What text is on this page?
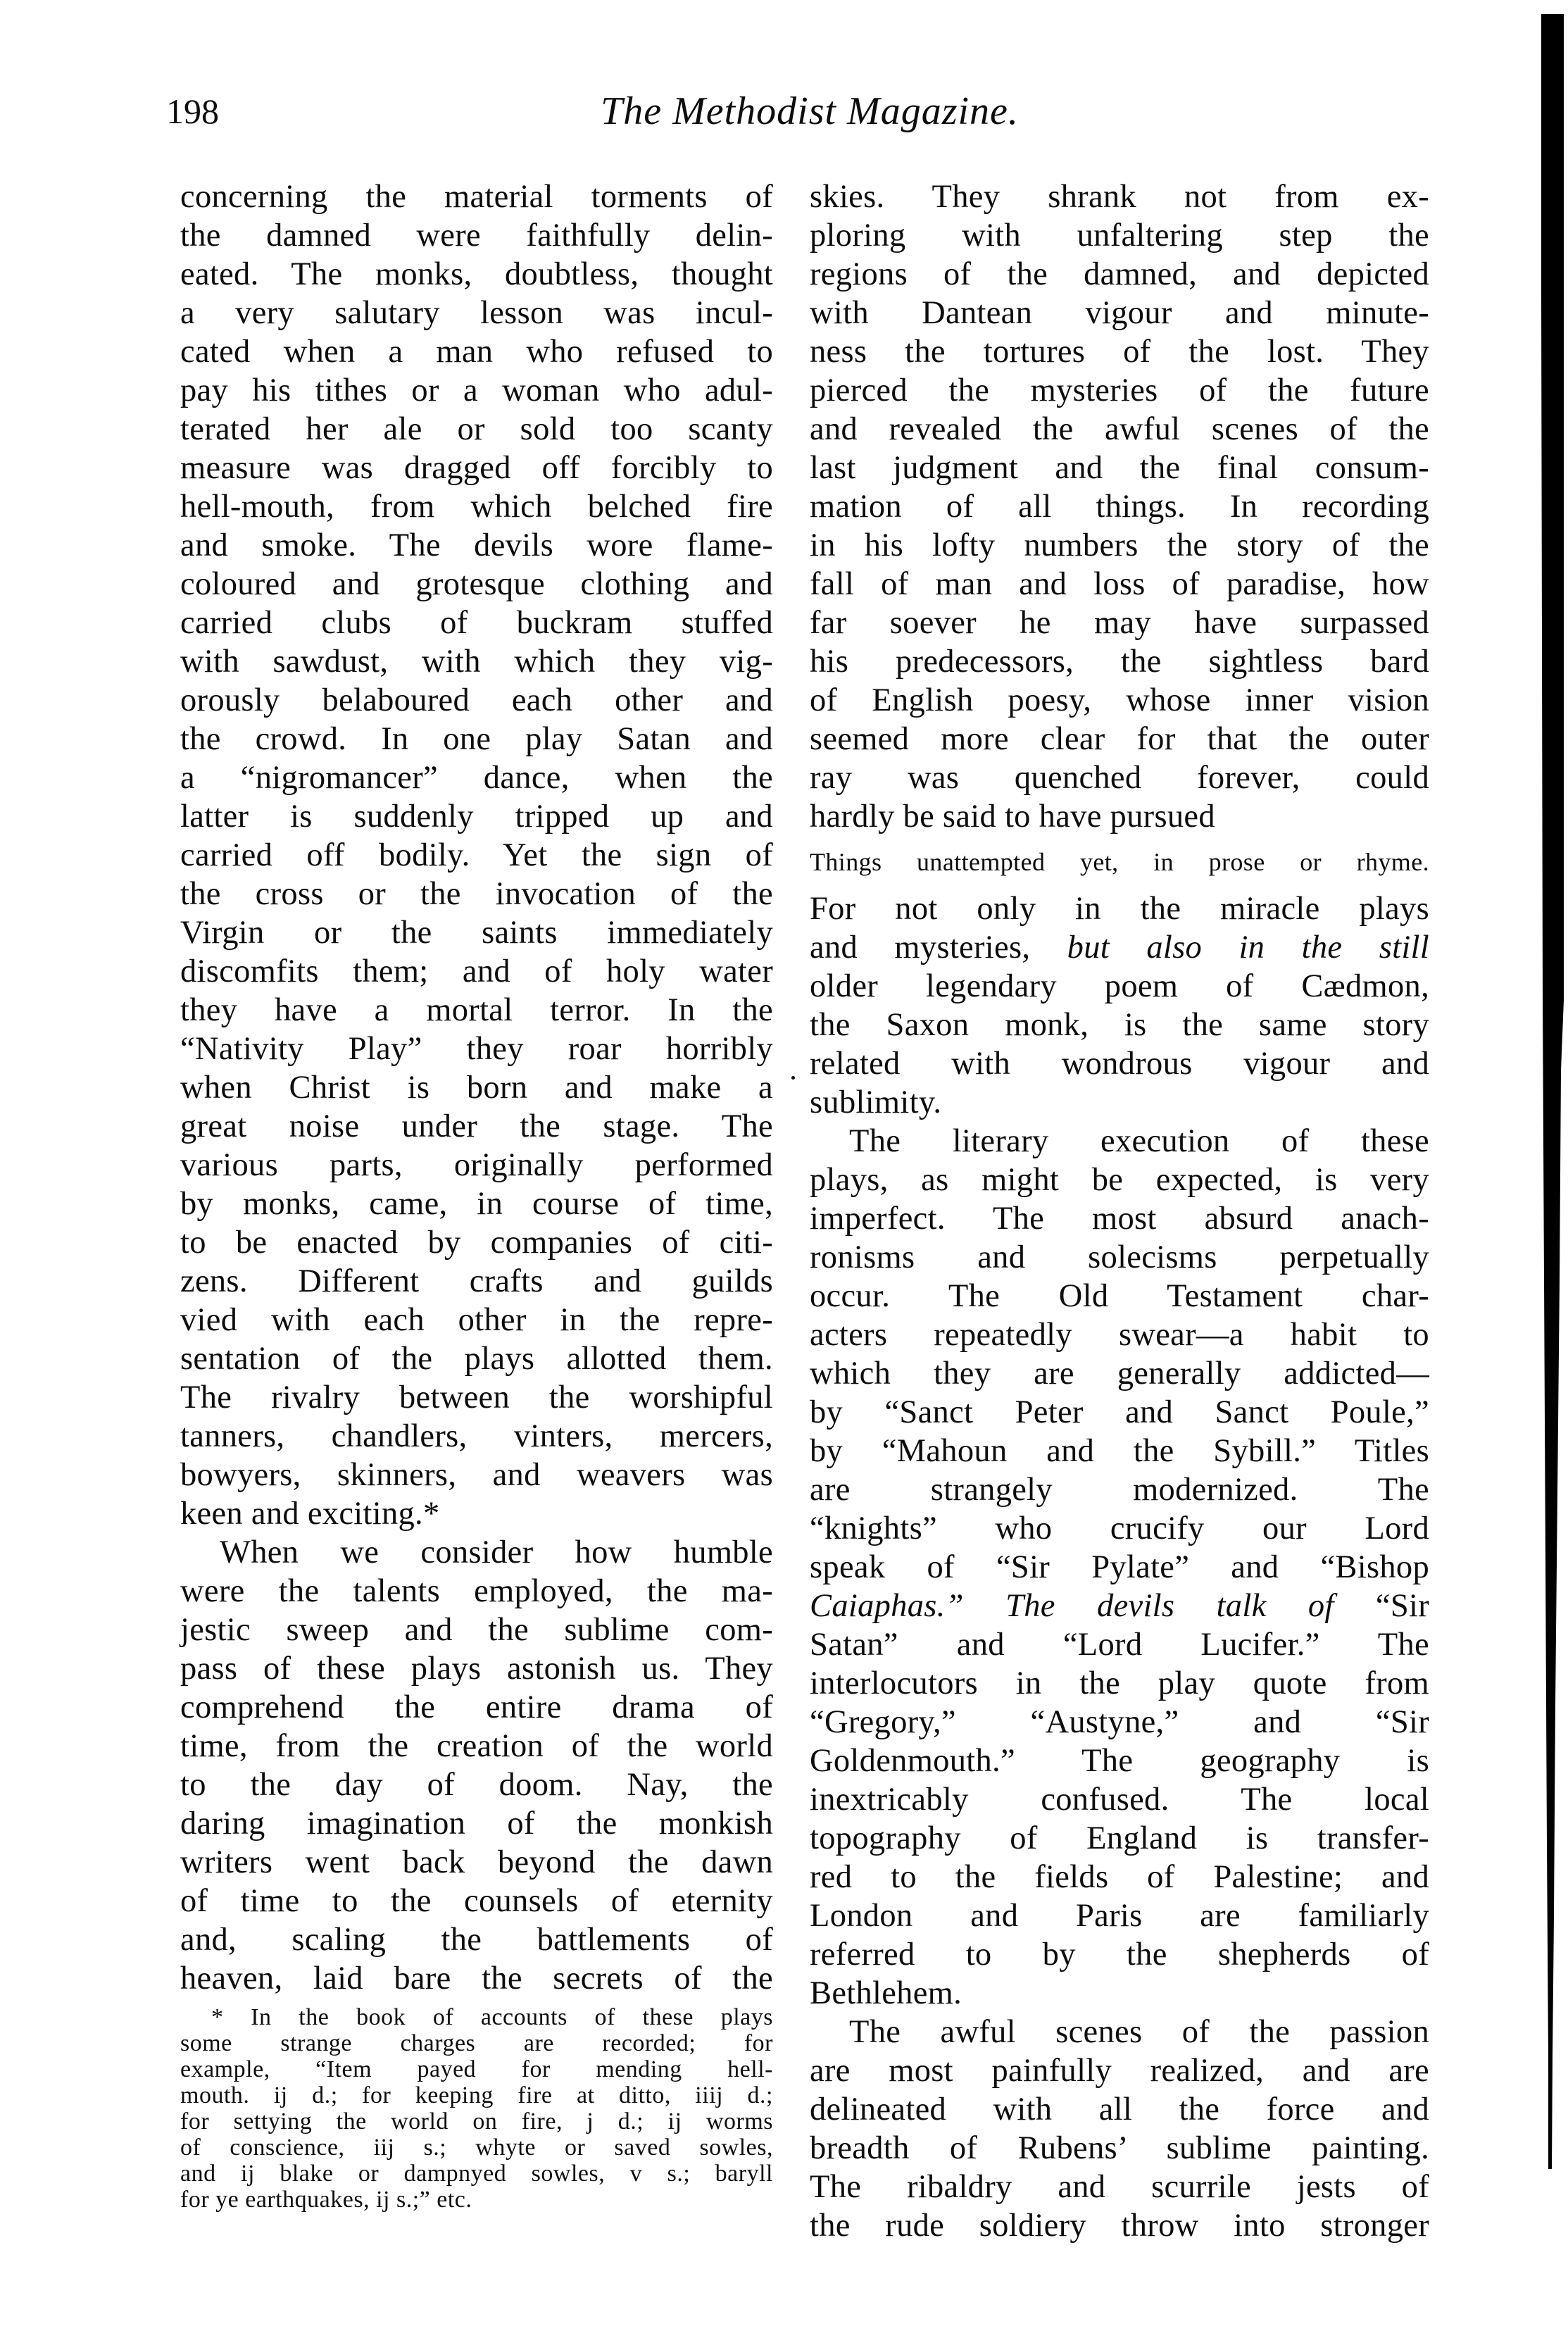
198	The Methodist Magazine.
concerning the material torments of
the damned were faithfully delin-
eated. The monks, doubtless, thought
a very salutary lesson was incul-
cated when a man who refused to
pay his tithes or a woman who adul-
terated her ale or sold too scanty
measure was dragged off forcibly to
hell-mouth, from which belched fire
and smoke. The devils wore flame-
coloured and grotesque clothing and
carried clubs of buckram stuffed
with sawdust, with which they vig-
orously belaboured each other and
the crowd. In one play Satan and
a “nigromancer” dance, when the
latter is suddenly tripped up and
carried off bodily. Yet the sign of
the cross or the invocation of the
Virgin or the saints immediately
discomfits them; and of holy water
they have a mortal terror. In the
“Nativity Play” they roar horribly
when Christ is born and make a
great noise under the stage. The
various parts, originally performed
by monks, came, in course of time,
to be enacted by companies of citi-
zens. Different crafts and guilds
vied with each other in the repre-
sentation of the plays allotted them.
The rivalry between the worshipful
tanners, chandlers, vinters, mercers,
bowyers, skinners, and weavers was
keen and exciting.*
When we consider how humble
were the talents employed, the ma-
jestic sweep and the sublime com-
pass of these plays astonish us. They
comprehend the entire drama of
time, from the creation of the world
to the day of doom. Nay, the
daring imagination of the monkish
writers went back beyond the dawn
of time to the counsels of eternity
and, scaling the battlements of
heaven, laid bare the secrets of the
* In the book of accounts of these plays
some strange charges are recorded; for
example, “Item payed for mending hell-
mouth. ij d.; for keeping fire at ditto, iiij d.;
for settying the world on fire, j d.; ij worms
of conscience, iij s.; whyte or saved sowles,
and ij blake or dampnyed sowles, v s.; baryll
for ye earthquakes, ij s.;” etc.
skies. They shrank not from ex-
ploring with unfaltering step the
regions of the damned, and depicted
with Dantean vigour and minute-
ness the tortures of the lost. They
pierced the mysteries of the future
and revealed the awful scenes of the
last judgment and the final consum-
mation of all things. In recording
in his lofty numbers the story of the
fall of man and loss of paradise, how
far soever he may have surpassed
his predecessors, the sightless bard
of English poesy, whose inner vision
seemed more clear for that the outer
ray was quenched forever, could
hardly be said to have pursued
Things unattempted yet, in prose or rhyme.
For not only in the miracle plays
and mysteries, but also in the still
older legendary poem of Cædmon,
the Saxon monk, is the same story
related with wondrous vigour and
sublimity.
The literary execution of these
plays, as might be expected, is very
imperfect. The most absurd anach-
ronisms and solecisms perpetually
occur. The Old Testament char-
acters repeatedly swear—a habit to
which they are generally addicted—
by “Sanct Peter and Sanct Poule,”
by “Mahoun and the Sybill.” Titles
are strangely modernized. The
“knights” who crucify our Lord
speak of “Sir Pylate” and “Bishop
Caiaphas.” The devils talk of “Sir
Satan” and “Lord Lucifer.” The
interlocutors in the play quote from
“Gregory,” “Austyne,” and “Sir
Goldenmouth.” The geography is
inextricably confused. The local
topography of England is transfer-
red to the fields of Palestine; and
London and Paris are familiarly
referred to by the shepherds of
Bethlehem.
The awful scenes of the passion
are most painfully realized, and are
delineated with all the force and
breadth of Rubens’ sublime painting.
The ribaldry and scurrile jests of
the rude soldiery throw into stronger
